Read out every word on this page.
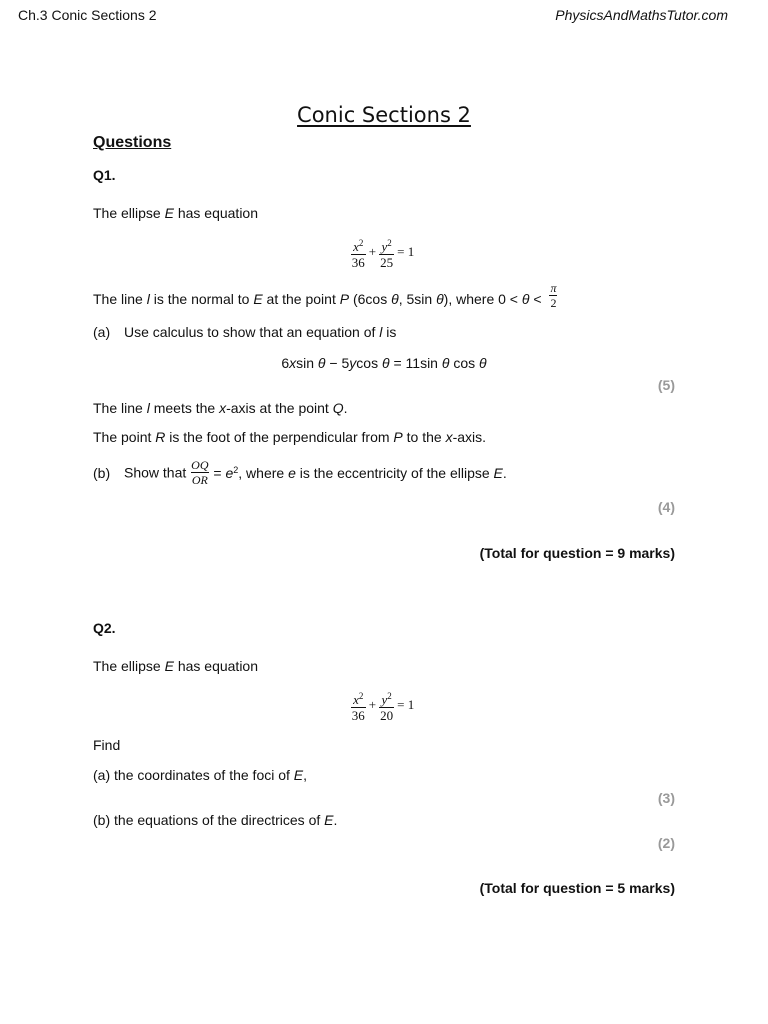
Ch.3 Conic Sections 2	PhysicsAndMathsTutor.com
Conic Sections 2
Questions
Q1.
The ellipse E has equation
$\frac{x^2}{36} + \frac{y^2}{25} = 1$
The line l is the normal to E at the point P (6cos θ, 5sin θ), where $0 < \theta < \frac{\pi}{2}$
(a) Use calculus to show that an equation of l is
6xsin θ − 5ycos θ = 11sin θ cos θ
(5)
The line l meets the x-axis at the point Q.
The point R is the foot of the perpendicular from P to the x-axis.
(b) Show that $\frac{OQ}{OR} = e^2$, where e is the eccentricity of the ellipse E.
(4)
(Total for question = 9 marks)
Q2.
The ellipse E has equation
$\frac{x^2}{36} + \frac{y^2}{20} = 1$
Find
(a) the coordinates of the foci of E,
(3)
(b) the equations of the directrices of E.
(2)
(Total for question = 5 marks)
